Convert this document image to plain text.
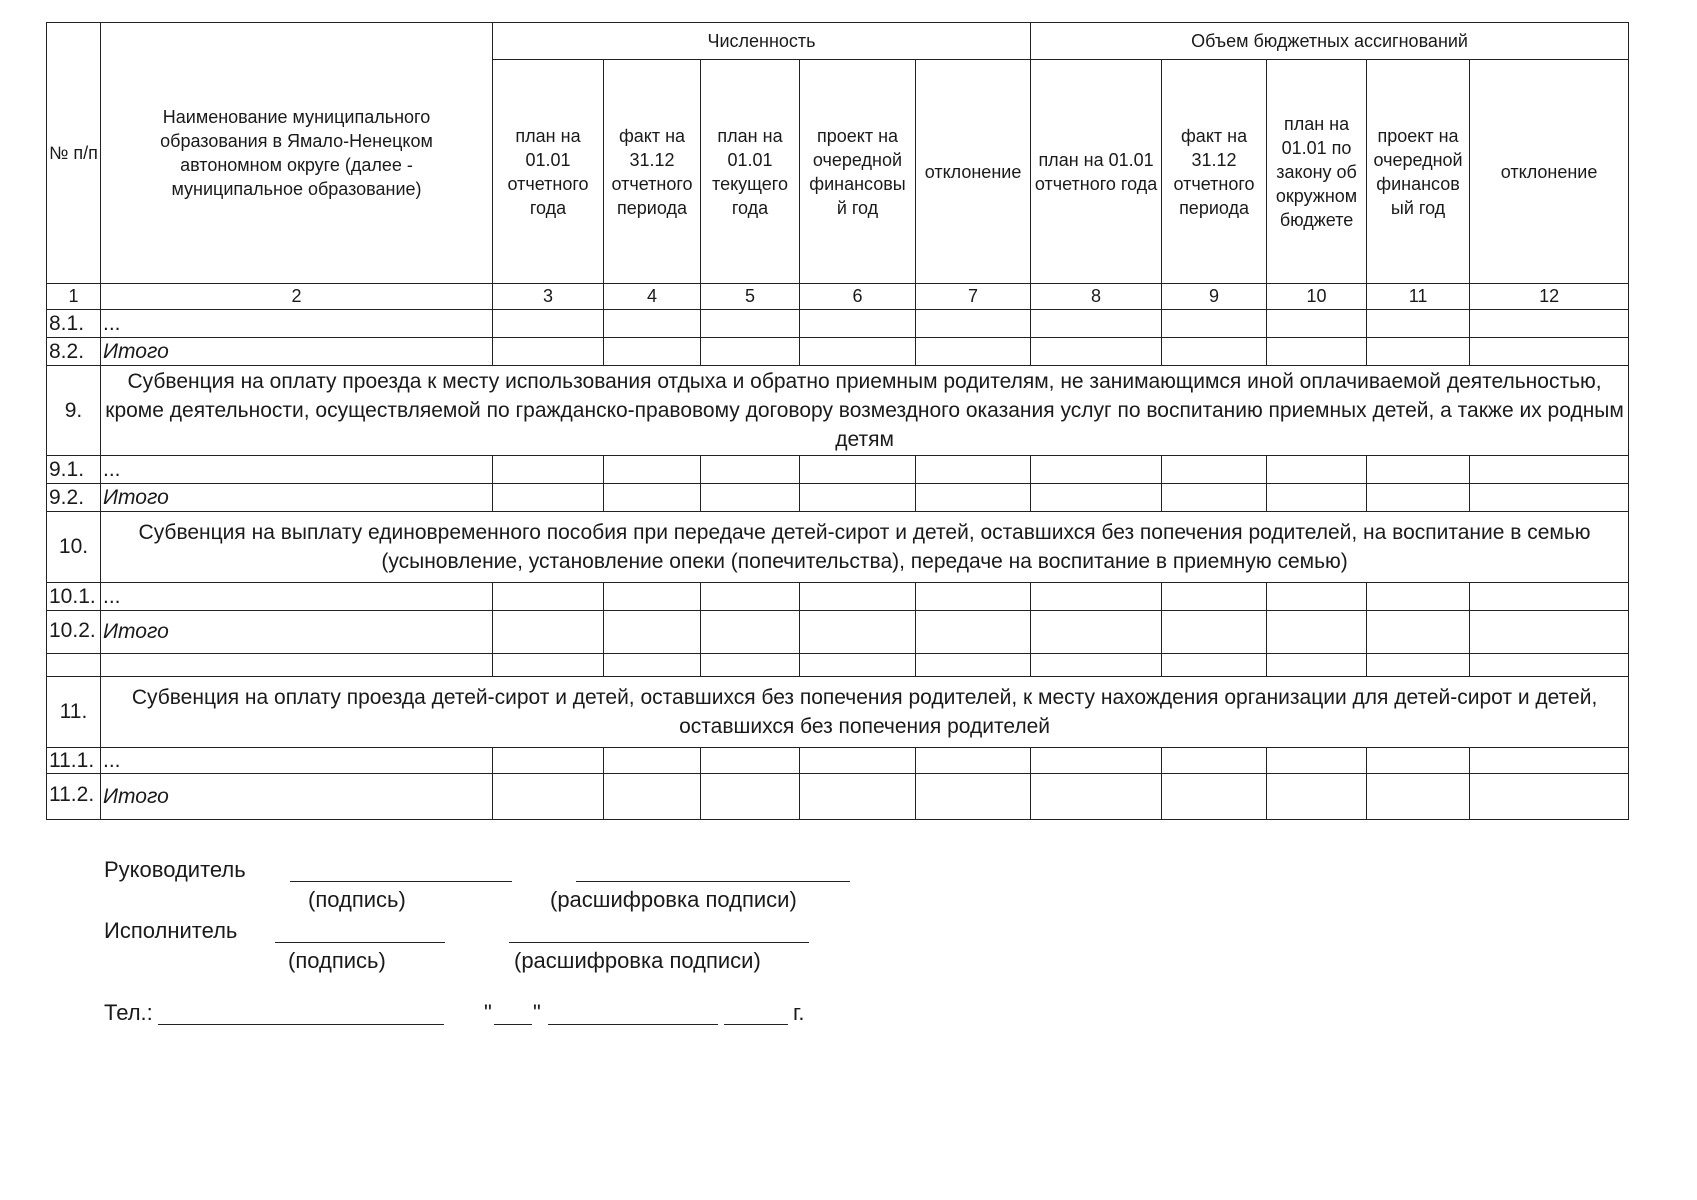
№ п/п	Наименование муниципального образования в Ямало-Ненецком автономном округе (далее - муниципальное образование)	Численность					Объем бюджетных ассигнований				
		план на 01.01 отчетного года	факт на 31.12 отчетного периода	план на 01.01 текущего года	проект на очередной финансовы й год	отклонение	план на 01.01 отчетного года	факт на 31.12 отчетного периода	план на 01.01 по закону об окружном бюджете	проект на очередной финансов ый год	отклонение
1	2	3	4	5	6	7	8	9	10	11	12
8.1.	...										
8.2.	Итого										
9.	Субвенция на оплату проезда к месту использования отдыха и обратно приемным родителям, не занимающимся иной оплачиваемой деятельностью, кроме деятельности, осуществляемой по гражданско-правовому договору возмездного оказания услуг по воспитанию приемных детей, а также их родным детям										
9.1.	...										
9.2.	Итого										
10.	Субвенция на выплату единовременного пособия при передаче детей-сирот и детей, оставшихся без попечения родителей, на воспитание в семью (усыновление, установление опеки (попечительства), передаче на воспитание в приемную семью)										
10.1.	...										
10.2.	Итого										

11.	Субвенция на оплату проезда детей-сирот и детей, оставшихся без попечения родителей, к месту нахождения организации для детей-сирот и детей, оставшихся без попечения родителей										
11.1.	...										
11.2.	Итого										
Руководитель
(подпись)	(расшифровка подписи)
Исполнитель
(подпись)	(расшифровка подписи)
Тел.:	" "	г.
